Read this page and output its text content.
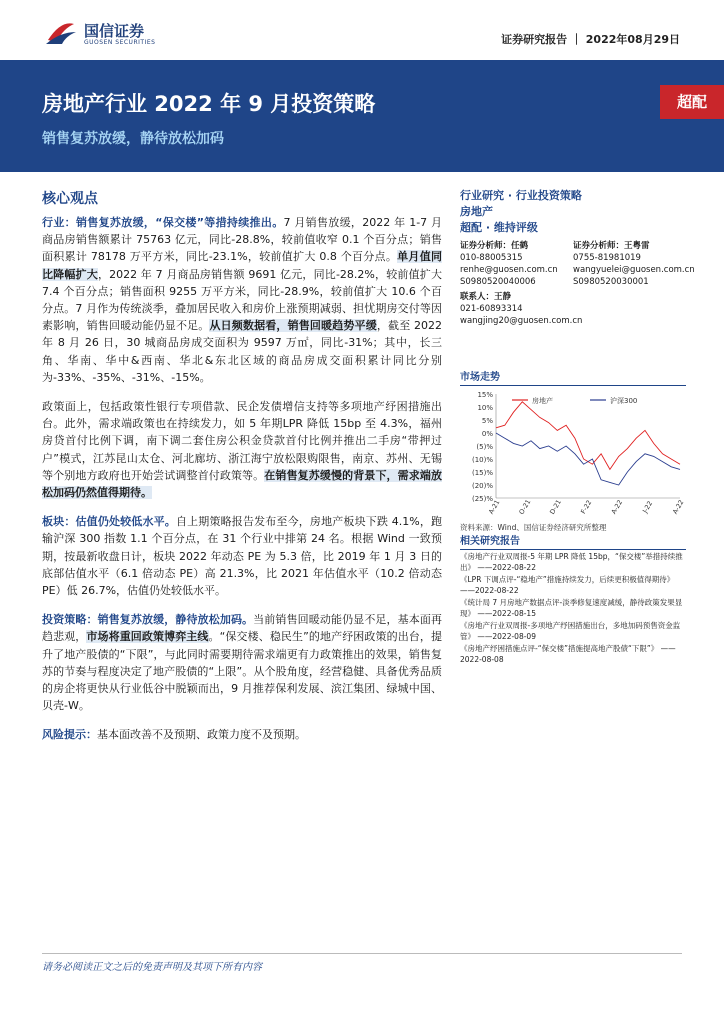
国信证券
GUOSEN SECURITIES	证券研究报告 ｜ 2022年08月29日
房地产行业 2022 年 9 月投资策略
销售复苏放缓，静待放松加码
超配
核心观点

行业：销售复苏放缓，“保交楼”等措持续推出。7 月销售放缓，2022 年 1-7 月商品房销售额累计 75763 亿元，同比-28.8%，较前值收窄 0.1 个百分点；销售面积累计 78178 万平方米，同比-23.1%，较前值扩大 0.8 个百分点。单月值同比降幅扩大，2022 年 7 月商品房销售额 9691 亿元，同比-28.2%，较前值扩大 7.4 个百分点；销售面积 9255 万平方米，同比-28.9%，较前值扩大 10.6 个百分点。7 月作为传统淡季，叠加居民收入和房价上涨预期减弱、担忧期房交付等因素影响，销售回暖动能仍显不足。从日频数据看，销售回暖趋势平缓，截至 2022 年 8 月 26 日，30 城商品房成交面积为 9597 万㎡，同比-31%；其中，长三角、华南、华中&西南、华北&东北区域的商品房成交面积累计同比分别为-33%、-35%、-31%、-15%。

政策面上，包括政策性银行专项借款、民企发债增信支持等多项地产纾困措施出台。此外，需求端政策也在持续发力，如 5 年期LPR 降低 15bp 至 4.3%，福州房贷首付比例下调，南下调二套住房公积金贷款首付比例并推出二手房“带押过户”模式，江苏昆山太仓、河北廊坊、浙江海宁放松限购限售，南京、苏州、无锡等个别地方政府也开始尝试调整首付政策等。在销售复苏缓慢的背景下，需求端放松加码仍然值得期待。

板块：估值仍处较低水平。自上期策略报告发布至今，房地产板块下跌 4.1%，跑输沪深 300 指数 1.1 个百分点，在 31 个行业中排第 24 名。根据 Wind 一致预期，按最新收盘日计，板块 2022 年动态 PE 为 5.3 倍，比 2019 年 1 月 3 日的底部估值水平（6.1 倍动态 PE）高 21.3%，比 2021 年估值水平（10.2 倍动态 PE）低 26.7%，估值仍处较低水平。

投资策略：销售复苏放缓，静待放松加码。当前销售回暖动能仍显不足，基本面再趋悲观，市场将重回政策博弈主线。“保交楼、稳民生”的地产纾困政策的出台，提升了地产股债的“下限”，与此同时需要期待需求端更有力政策推出的效果，销售复苏的节奏与程度决定了地产股债的“上限”。从个股角度，经营稳健、具备优秀品质的房企将更快从行业低谷中脱颖而出，9 月推荐保利发展、滨江集团、绿城中国、贝壳-W。

风险提示：基本面改善不及预期、政策力度不及预期。

行业研究 · 行业投资策略
房地产
超配 · 维持评级
证券分析师：任鹤
010-88005315
renhe@guosen.com.cn
S0980520040006
证券分析师：王粤雷
0755-81981019
wangyuelei@guosen.com.cn
S0980520030001
联系人：王静
021-60893314
wangjing20@guosen.com.cn
市场走势
15%
10%
5%
0%
(5)%
(10)%
(15)%
(20)%
(25)%
A-21 O-21 D-21 F-22	A-22	J-22	A-22
房地产	沪深300
资料来源：Wind、国信证券经济研究所整理
相关研究报告
《房地产行业双周报-5 年期 LPR 降低 15bp，“保交楼”举措持续推出》 ——2022-08-22
《LPR 下调点评-“稳地产”措施持续发力，后续更积极值得期待》 ——2022-08-22
《统计局 7 月房地产数据点评-淡季修复速度减缓，静待政策发果显现》 ——2022-08-15
《房地产行业双周报-多项地产纾困措施出台，多地加码预售资金监管》 ——2022-08-09
《房地产纾困措施点评-“保交楼”措施提高地产股债“下限”》 ——2022-08-08
请务必阅读正文之后的免责声明及其项下所有内容
